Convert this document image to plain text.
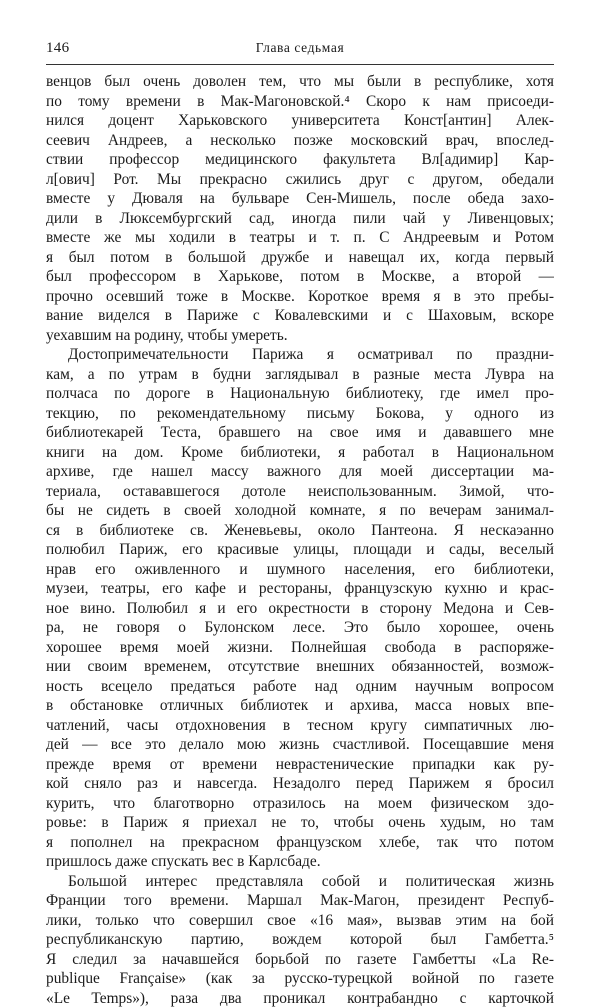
146	Глава седьмая
венцов был очень доволен тем, что мы были в республике, хотя
по тому времени в Мак-Магоновской.⁴ Скоро к нам присоеди-
нился доцент Харьковского университета Конст[антин] Алек-
сеевич Андреев, а несколько позже московский врач, впослед-
ствии профессор медицинского факультета Вл[адимир] Кар-
л[ович] Рот. Мы прекрасно сжились друг с другом, обедали
вместе у Дюваля на бульваре Сен-Мишель, после обеда захо-
дили в Люксембургский сад, иногда пили чай у Ливенцовых;
вместе же мы ходили в театры и т. п. С Андреевым и Ротом
я был потом в большой дружбе и навещал их, когда первый
был профессором в Харькове, потом в Москве, а второй —
прочно осевший тоже в Москве. Короткое время я в это пребы-
вание виделся в Париже с Ковалевскими и с Шаховым, вскоре
уехавшим на родину, чтобы умереть.
Достопримечательности Парижа я осматривал по праздни-
кам, а по утрам в будни заглядывал в разные места Лувра на
полчаса по дороге в Национальную библиотеку, где имел про-
текцию, по рекомендательному письму Бокова, у одного из
библиотекарей Теста, бравшего на свое имя и дававшего мне
книги на дом. Кроме библиотеки, я работал в Национальном
архиве, где нашел массу важного для моей диссертации ма-
териала, остававшегося дотоле неиспользованным. Зимой, что-
бы не сидеть в своей холодной комнате, я по вечерам занимал-
ся в библиотеке св. Женевьевы, около Пантеона. Я нескаэанно
полюбил Париж, его красивые улицы, площади и сады, веселый
нрав его оживленного и шумного населения, его библиотеки,
музеи, театры, его кафе и рестораны, французскую кухню и крас-
ное вино. Полюбил я и его окрестности в сторону Медона и Сев-
ра, не говоря о Булонском лесе. Это было хорошее, очень
хорошее время моей жизни. Полнейшая свобода в распоряже-
нии своим временем, отсутствие внешних обязанностей, возмож-
ность всецело предаться работе над одним научным вопросом
в обстановке отличных библиотек и архива, масса новых впе-
чатлений, часы отдохновения в тесном кругу симпатичных лю-
дей — все это делало мою жизнь счастливой. Посещавшие меня
прежде время от времени неврастенические припадки как ру-
кой сняло раз и навсегда. Незадолго перед Парижем я бросил
курить, что благотворно отразилось на моем физическом здо-
ровье: в Париж я приехал не то, чтобы очень худым, но там
я пополнел на прекрасном французском хлебе, так что потом
пришлось даже спускать вес в Карлсбаде.
Большой интерес представляла собой и политическая жизнь
Франции того времени. Маршал Мак-Магон, президент Респуб-
лики, только что совершил свое «16 мая», вызвав этим на бой
республиканскую партию, вождем которой был Гамбетта.⁵
Я следил за начавшейся борьбой по газете Гамбетты «La Re-
publique Française» (как за русско-турецкой войной по газете
«Le Temps»), раза два проникал контрабандно с карточкой
